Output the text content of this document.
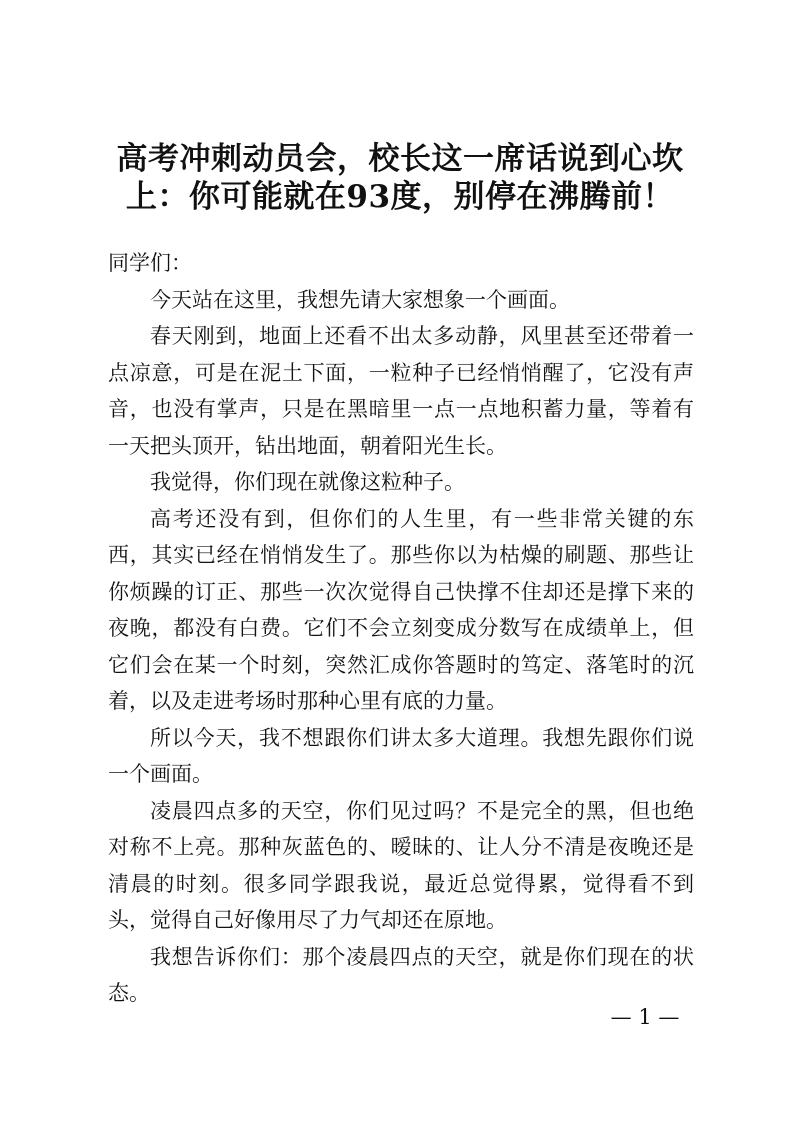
高考冲刺动员会，校长这一席话说到心坎上：你可能就在93度，别停在沸腾前！

同学们：

今天站在这里，我想先请大家想象一个画面。

春天刚到，地面上还看不出太多动静，风里甚至还带着一点凉意，可是在泥土下面，一粒种子已经悄悄醒了，它没有声音，也没有掌声，只是在黑暗里一点一点地积蓄力量，等着有一天把头顶开，钻出地面，朝着阳光生长。

我觉得，你们现在就像这粒种子。

高考还没有到，但你们的人生里，有一些非常关键的东西，其实已经在悄悄发生了。那些你以为枯燥的刷题、那些让你烦躁的订正、那些一次次觉得自己快撑不住却还是撑下来的夜晚，都没有白费。它们不会立刻变成分数写在成绩单上，但它们会在某一个时刻，突然汇成你答题时的笃定、落笔时的沉着，以及走进考场时那种心里有底的力量。

所以今天，我不想跟你们讲太多大道理。我想先跟你们说一个画面。

凌晨四点多的天空，你们见过吗？不是完全的黑，但也绝对称不上亮。那种灰蓝色的、暧昧的、让人分不清是夜晚还是清晨的时刻。很多同学跟我说，最近总觉得累，觉得看不到头，觉得自己好像用尽了力气却还在原地。

我想告诉你们：那个凌晨四点的天空，就是你们现在的状态。

— 1 —
